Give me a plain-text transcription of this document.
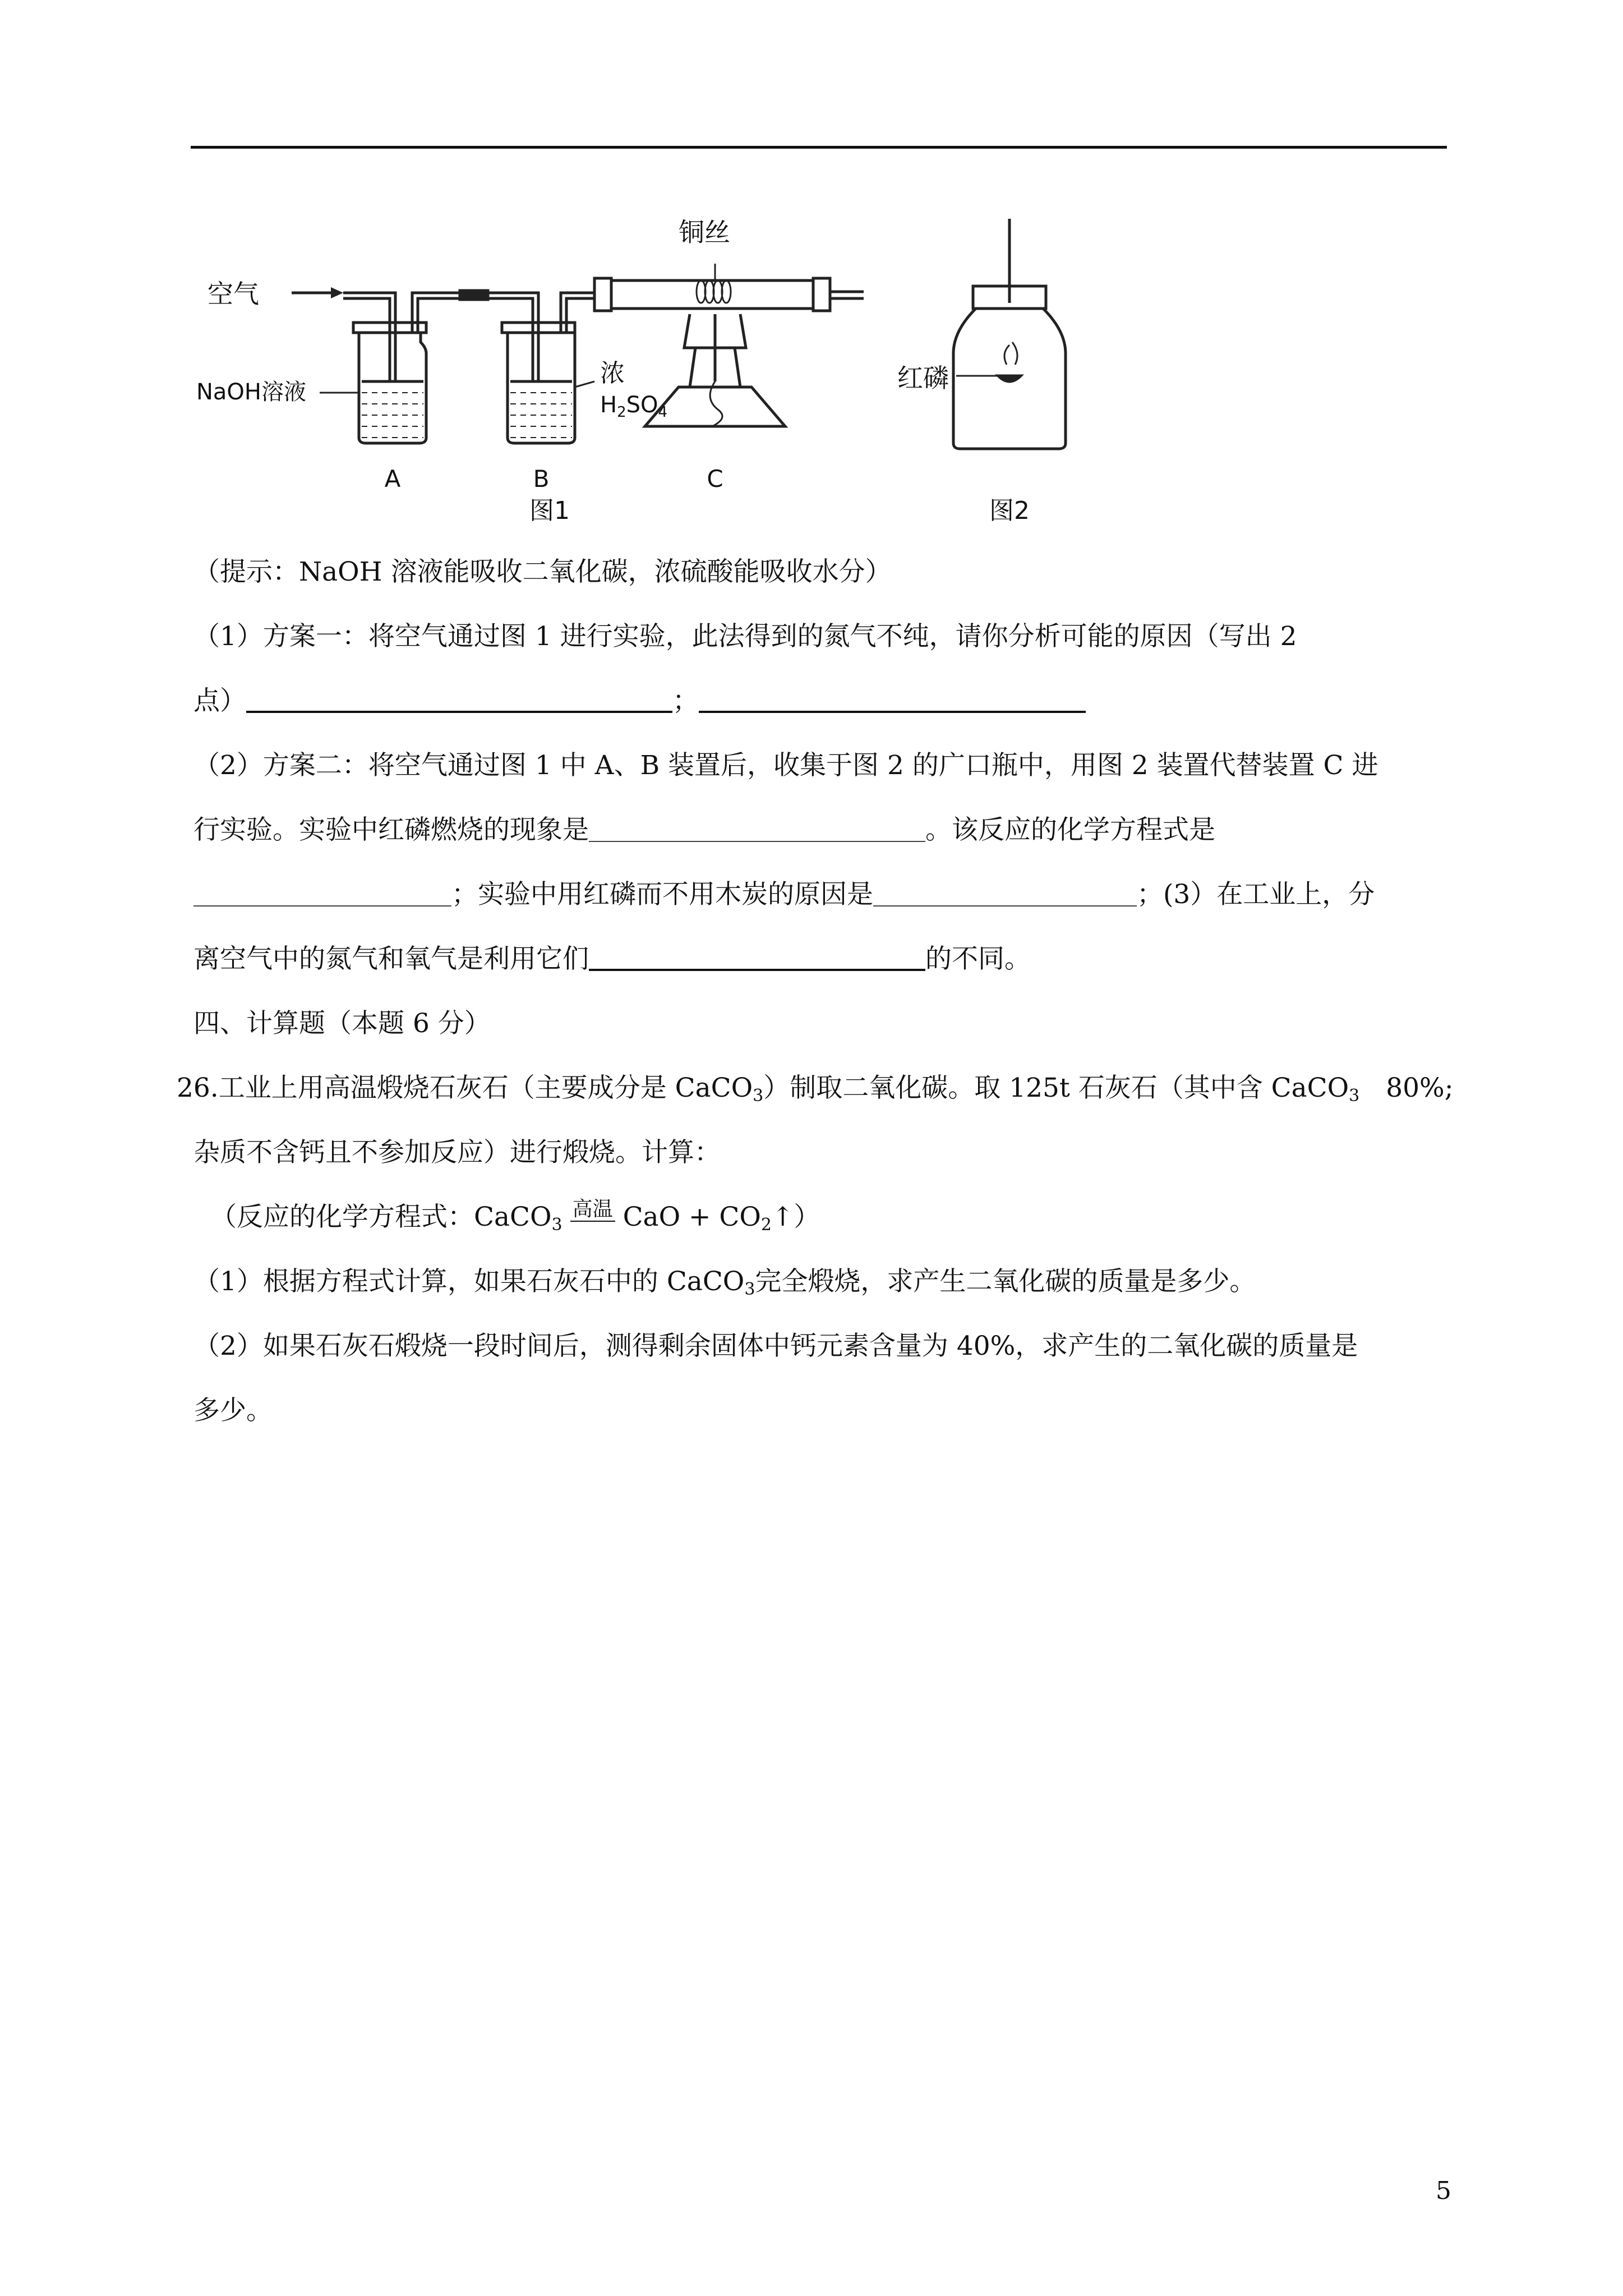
空气
NaOH溶液
浓
$H_2SO_4$
铜丝
红磷
A	B	C
图1	图2
（提示：NaOH 溶液能吸收二氧化碳，浓硫酸能吸收水分）
（1）方案一：将空气通过图 1 进行实验，此法得到的氮气不纯，请你分析可能的原因（写出 2
点）	；
（2）方案二：将空气通过图 1 中 A、B 装置后，收集于图 2 的广口瓶中，用图 2 装置代替装置 C 进
行实验。实验中红磷燃烧的现象是	。该反应的化学方程式是
；实验中用红磷而不用木炭的原因是	；(3）在工业上，分
离空气中的氮气和氧气是利用它们	的不同。
四、计算题（本题 6 分）
26.工业上用高温煅烧石灰石（主要成分是 CaCO$_3$）制取二氧化碳。取 125t 石灰石（其中含 CaCO$_3$　80%;
杂质不含钙且不参加反应）进行煅烧。计算：
（反应的化学方程式：CaCO$_3$高温 CaO + $CO_2↑$）
（1）根据方程式计算，如果石灰石中的 CaCO$_3$完全煅烧，求产生二氧化碳的质量是多少。
（2）如果石灰石煅烧一段时间后，测得剩余固体中钙元素含量为 40%，求产生的二氧化碳的质量是
多少。
5
